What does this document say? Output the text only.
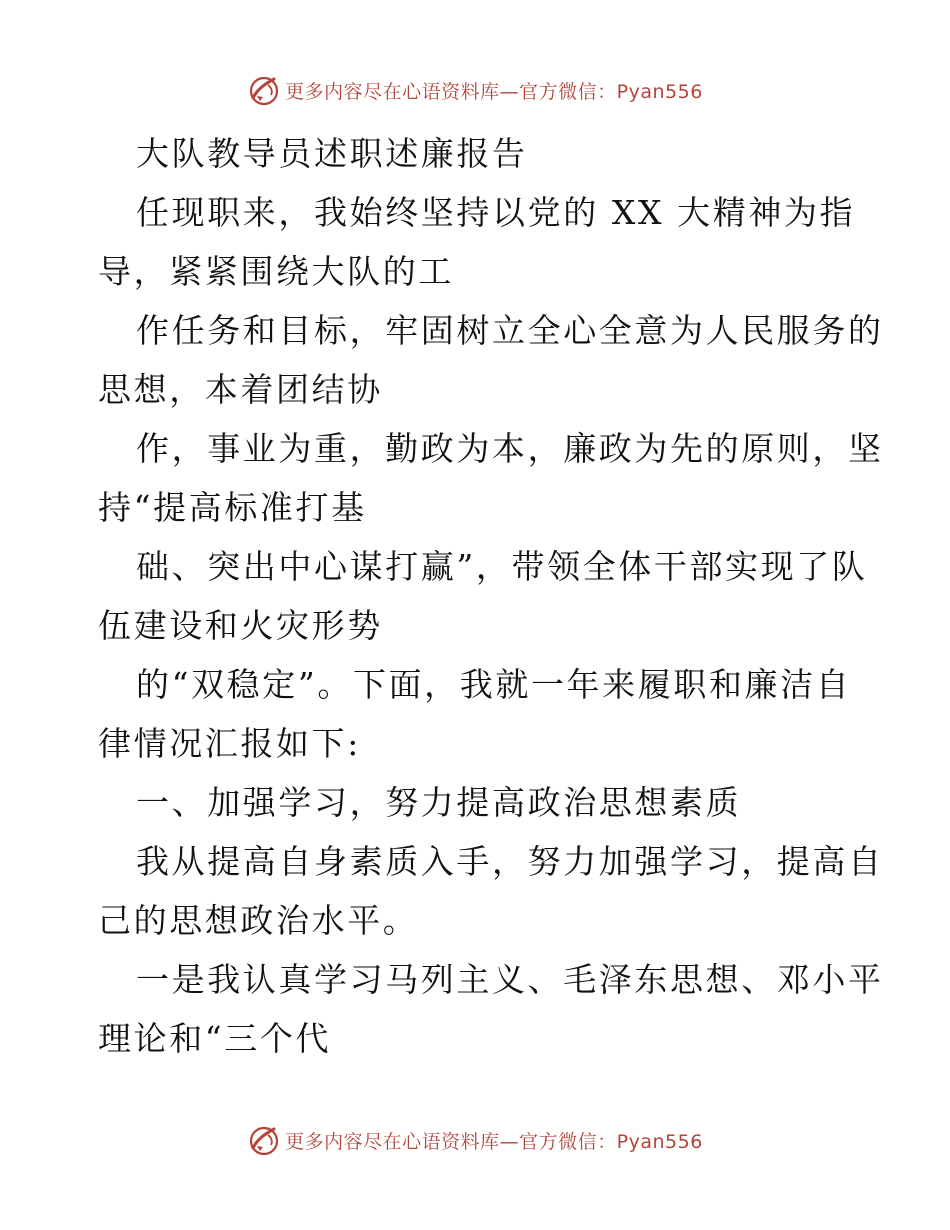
更多内容尽在心语资料库—官方微信：Pyan556
大队教导员述职述廉报告
任现职来，我始终坚持以党的 XX 大精神为指
导，紧紧围绕大队的工
作任务和目标，牢固树立全心全意为人民服务的
思想，本着团结协
作，事业为重，勤政为本，廉政为先的原则，坚
持“提高标准打基
础、突出中心谋打赢”，带领全体干部实现了队
伍建设和火灾形势
的“双稳定”。下面，我就一年来履职和廉洁自
律情况汇报如下:
一、加强学习，努力提高政治思想素质
我从提高自身素质入手，努力加强学习，提高自
己的思想政治水平。
一是我认真学习马列主义、毛泽东思想、邓小平
理论和“三个代
更多内容尽在心语资料库—官方微信：Pyan556
